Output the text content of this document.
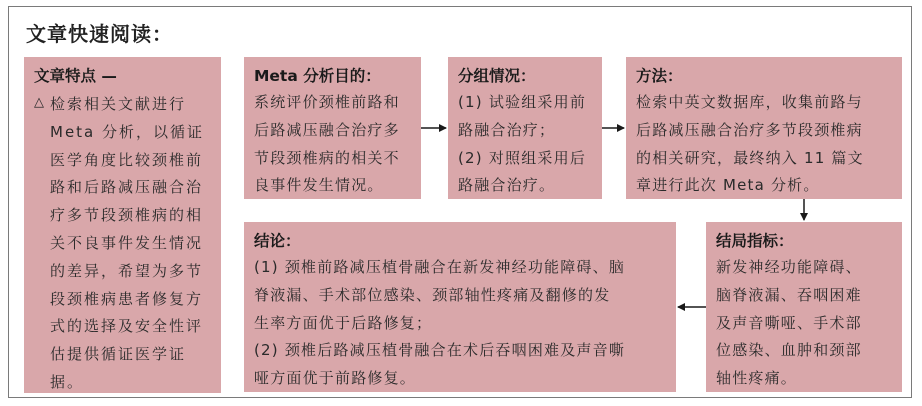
文章快速阅读：
文章特点 —
△ 检索相关文献进行
Meta 分析，以循证
医学角度比较颈椎前
路和后路减压融合治
疗多节段颈椎病的相
关不良事件发生情况
的差异，希望为多节
段颈椎病患者修复方
式的选择及安全性评
估提供循证医学证
据。
Meta 分析目的：
系统评价颈椎前路和
后路减压融合治疗多
节段颈椎病的相关不
良事件发生情况。
分组情况：
(1) 试验组采用前
路融合治疗；
(2) 对照组采用后
路融合治疗。
方法：
检索中英文数据库，收集前路与
后路减压融合治疗多节段颈椎病
的相关研究，最终纳入 11 篇文
章进行此次 Meta 分析。
结局指标：
新发神经功能障碍、
脑脊液漏、吞咽困难
及声音嘶哑、手术部
位感染、血肿和颈部
轴性疼痛。
结论：
(1) 颈椎前路减压植骨融合在新发神经功能障碍、脑
脊液漏、手术部位感染、颈部轴性疼痛及翻修的发
生率方面优于后路修复；
(2) 颈椎后路减压植骨融合在术后吞咽困难及声音嘶
哑方面优于前路修复。
